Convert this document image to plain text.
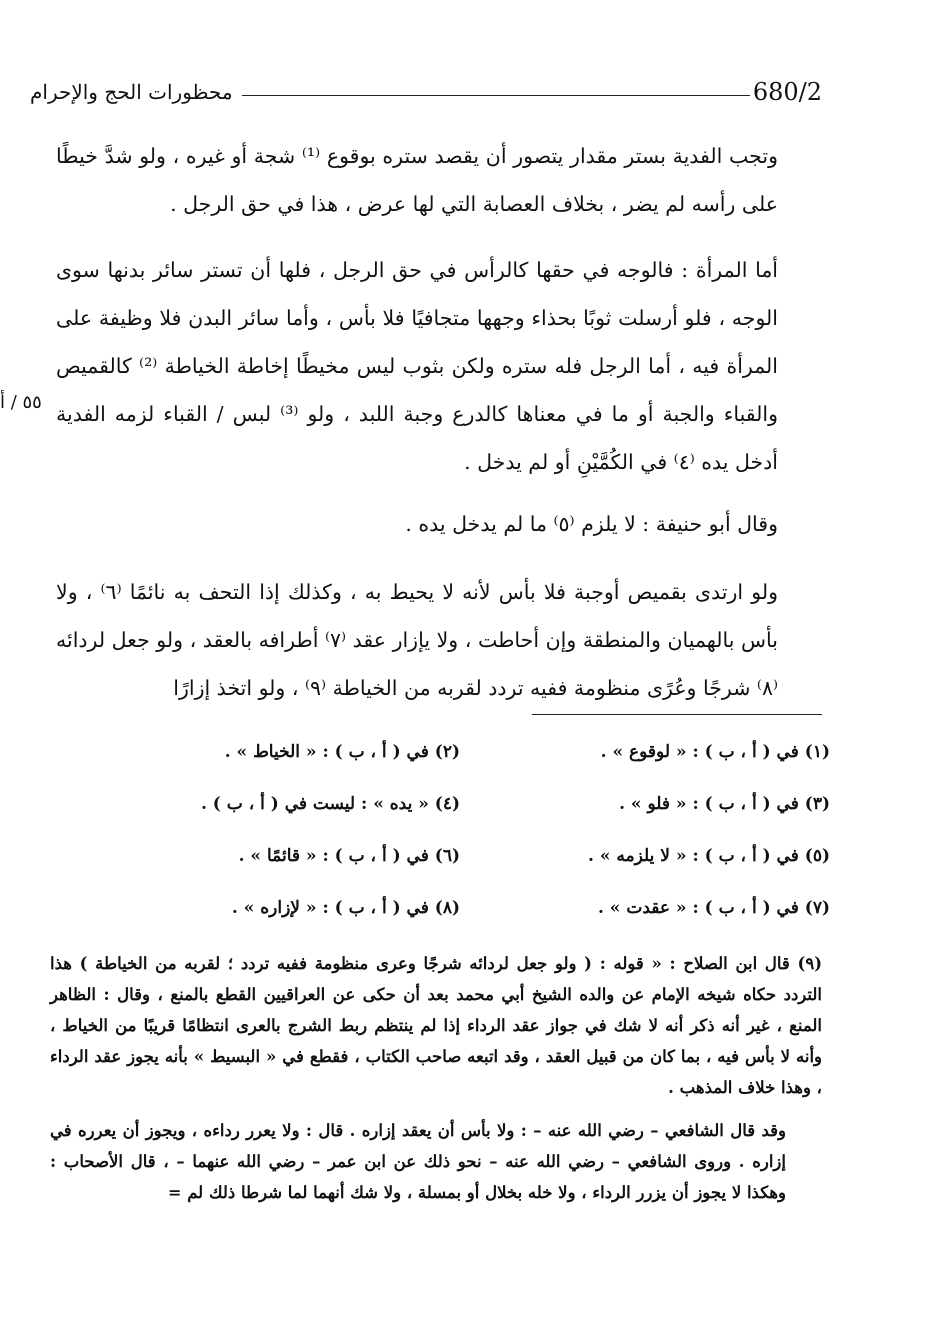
680/2
محظورات الحج والإحرام

وتجب الفدية بستر مقدار يتصور أن يقصد ستره بوقوع ⁽¹⁾ شجة أو غيره ، ولو شدَّ خيطًا على رأسه لم يضر ، بخلاف العصابة التي لها عرض ، هذا في حق الرجل .

أما المرأة : فالوجه في حقها كالرأس في حق الرجل ، فلها أن تستر سائر بدنها سوى الوجه ، فلو أرسلت ثوبًا بحذاء وجهها متجافيًا فلا بأس ، وأما سائر البدن فلا وظيفة على المرأة فيه ، أما الرجل فله ستره ولكن بثوب ليس مخيطًا إخاطة الخياطة ⁽²⁾ كالقميص والقباء والجبة أو ما في معناها كالدرع وجبة اللبد ، ولو ⁽³⁾ لبس / القباء لزمه الفدية أدخل يده ⁽٤⁾ في الكُمَّيْنِ أو لم يدخل .

٥٥ / أ

وقال أبو حنيفة : لا يلزم ⁽٥⁾ ما لم يدخل يده .

ولو ارتدى بقميص أوجبة فلا بأس لأنه لا يحيط به ، وكذلك إذا التحف به نائمًا ⁽٦⁾ ، ولا بأس بالهميان والمنطقة وإن أحاطت ، ولا يإزار عقد ⁽٧⁾ أطرافه بالعقد ، ولو جعل لردائه ⁽٨⁾ شرجًا وعُرًى منظومة ففيه تردد لقربه من الخياطة ⁽٩⁾ ، ولو اتخذ إزارًا

(١) في ( أ ، ب ) : « لوقوع » .
(٢) في ( أ ، ب ) : « الخياط » .
(٣) في ( أ ، ب ) : « فلو » .
(٤) « يده » : ليست في ( أ ، ب ) .
(٥) في ( أ ، ب ) : « لا يلزمه » .
(٦) في ( أ ، ب ) : « قائمًا » .
(٧) في ( أ ، ب ) : « عقدت » .
(٨) في ( أ ، ب ) : « لإزاره » .

(٩) قال ابن الصلاح : « قوله : ( ولو جعل لردائه شرجًا وعرى منظومة ففيه تردد ؛ لقربه من الخياطة ) هذا التردد حكاه شيخه الإمام عن والده الشيخ أبي محمد بعد أن حكى عن العراقيين القطع بالمنع ، وقال : الظاهر المنع ، غير أنه ذكر أنه لا شك في جواز عقد الرداء إذا لم ينتظم ربط الشرج بالعرى انتظامًا قريبًا من الخياط ، وأنه لا بأس فيه ، بما كان من قبيل العقد ، وقد اتبعه صاحب الكتاب ، فقطع في « البسيط » بأنه يجوز عقد الرداء ، وهذا خلاف المذهب .

وقد قال الشافعي – رضي الله عنه – : ولا بأس أن يعقد إزاره . قال : ولا يعرر رداءه ، ويجوز أن يعرره في إزاره . وروى الشافعي – رضي الله عنه – نحو ذلك عن ابن عمر – رضي الله عنهما – ، قال الأصحاب : وهكذا لا يجوز أن يزرر الرداء ، ولا خله بخلال أو بمسلة ، ولا شك أنهما لما شرطا ذلك لم =
